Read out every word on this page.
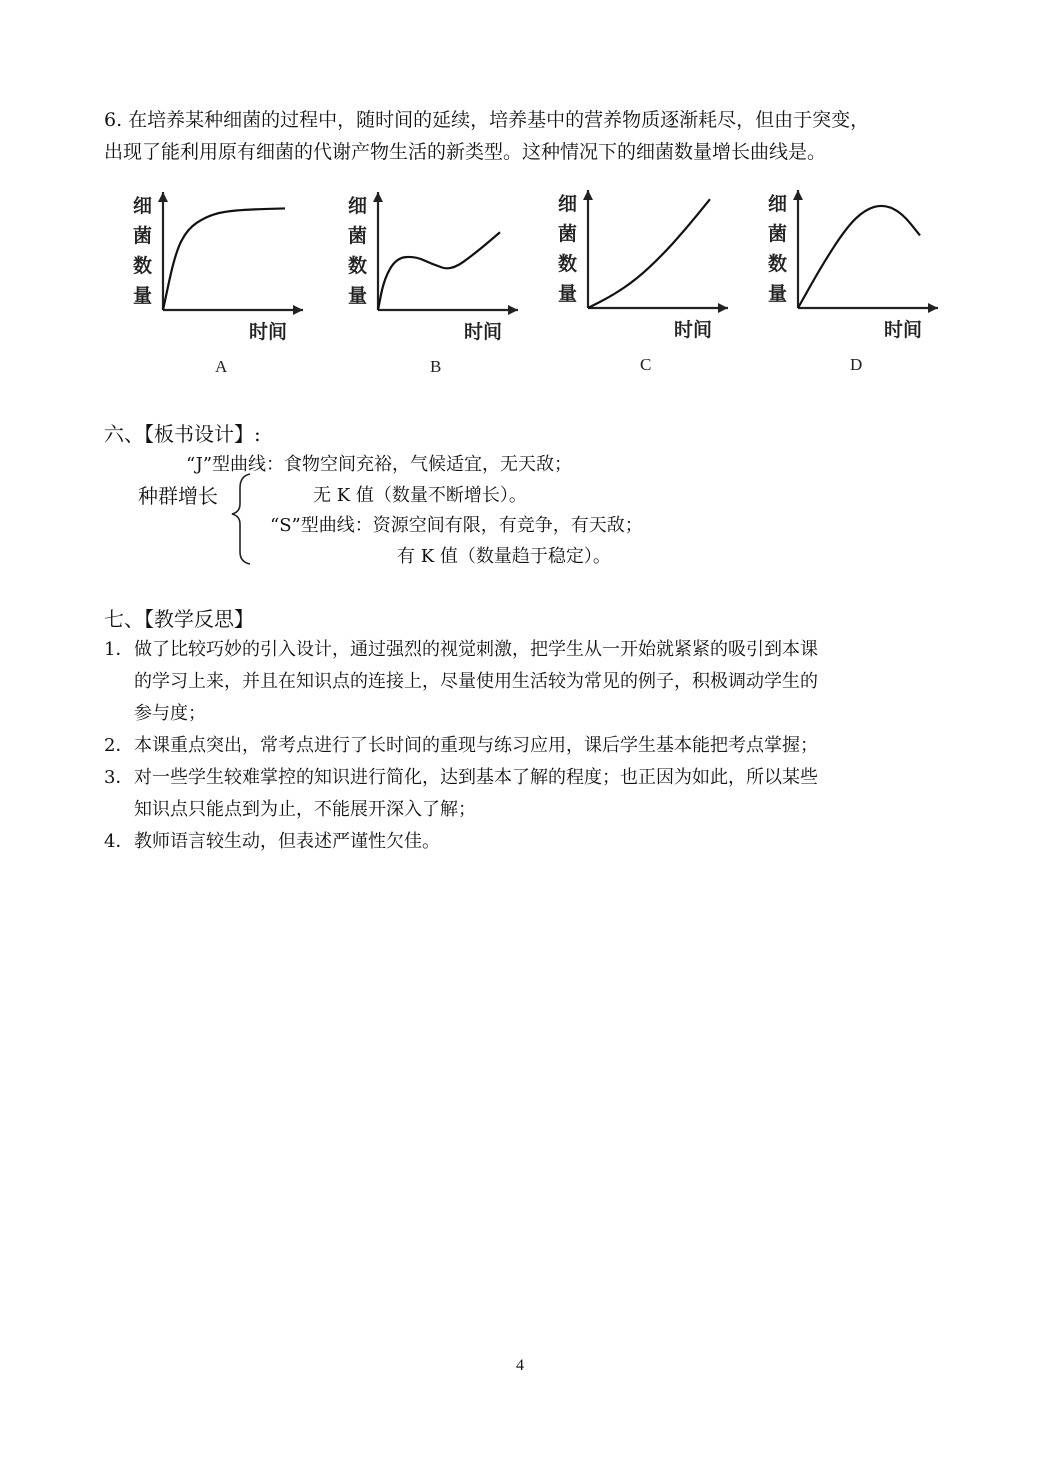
6. 在培养某种细菌的过程中，随时间的延续，培养基中的营养物质逐渐耗尽，但由于突变，
出现了能利用原有细菌的代谢产物生活的新类型。这种情况下的细菌数量增长曲线是。
细
菌
数
量
时间
A
细
菌
数
量
时间
B
细
菌
数
量
时间
C
细
菌
数
量
时间
D
六、【板书设计】:
“J”型曲线：食物空间充裕，气候适宜，无天敌；
种群增长	无 K 值（数量不断增长）。
“S”型曲线：资源空间有限，有竞争，有天敌；
有 K 值（数量趋于稳定）。
七、【教学反思】
1． 做了比较巧妙的引入设计，通过强烈的视觉刺激，把学生从一开始就紧紧的吸引到本课
的学习上来，并且在知识点的连接上，尽量使用生活较为常见的例子，积极调动学生的
参与度；
2． 本课重点突出，常考点进行了长时间的重现与练习应用，课后学生基本能把考点掌握；
3． 对一些学生较难掌控的知识进行简化，达到基本了解的程度；也正因为如此，所以某些
知识点只能点到为止，不能展开深入了解；
4． 教师语言较生动，但表述严谨性欠佳。
4
